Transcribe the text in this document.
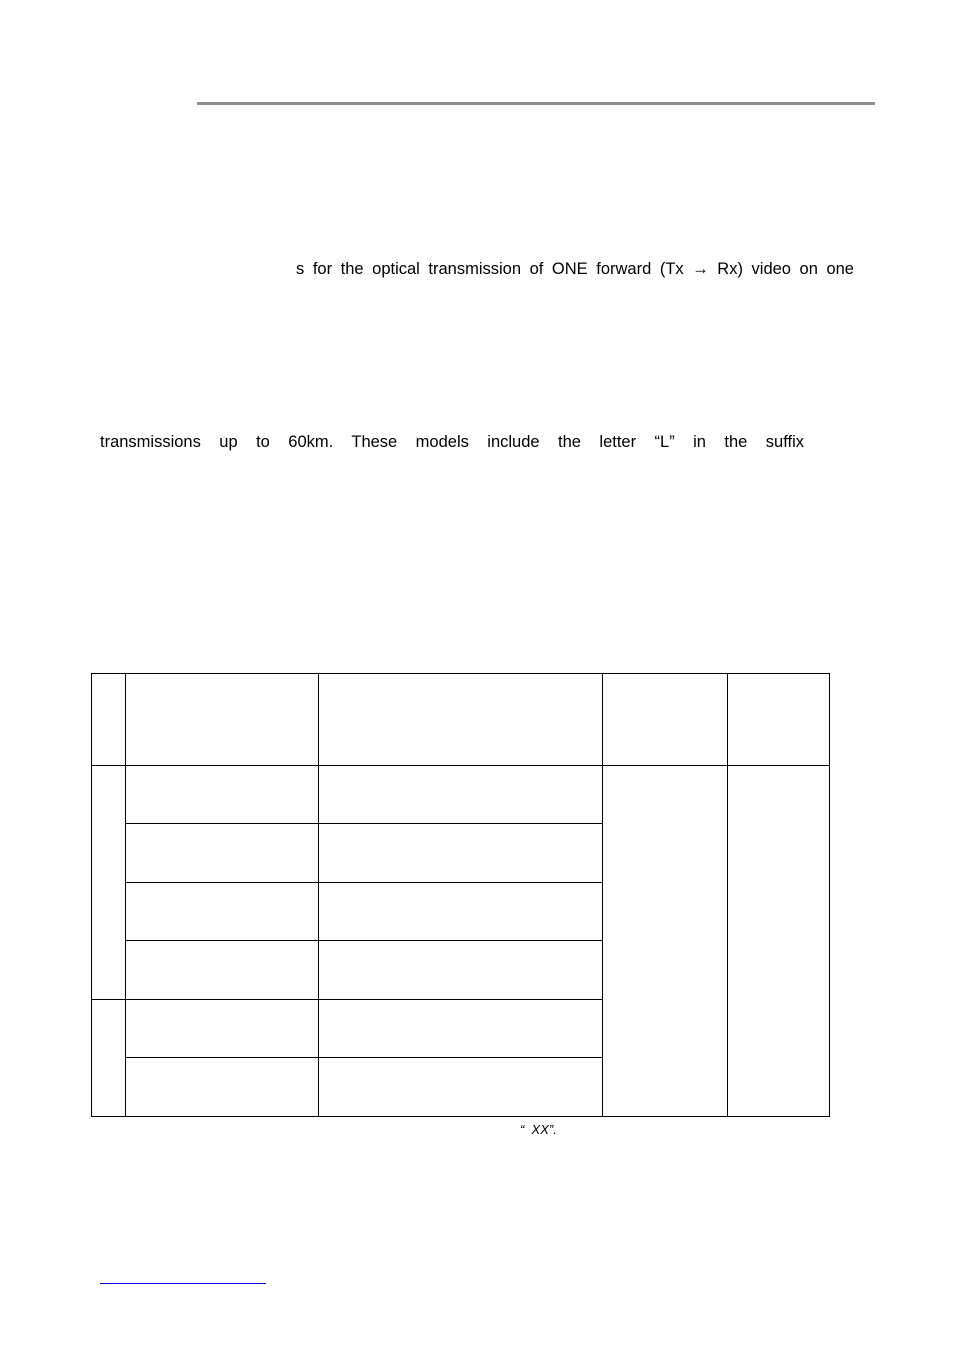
s for the optical transmission of ONE forward (Tx → Rx) video on one
transmissions up to 60km. These models include the letter “L” in the suffix
“  XX”.
